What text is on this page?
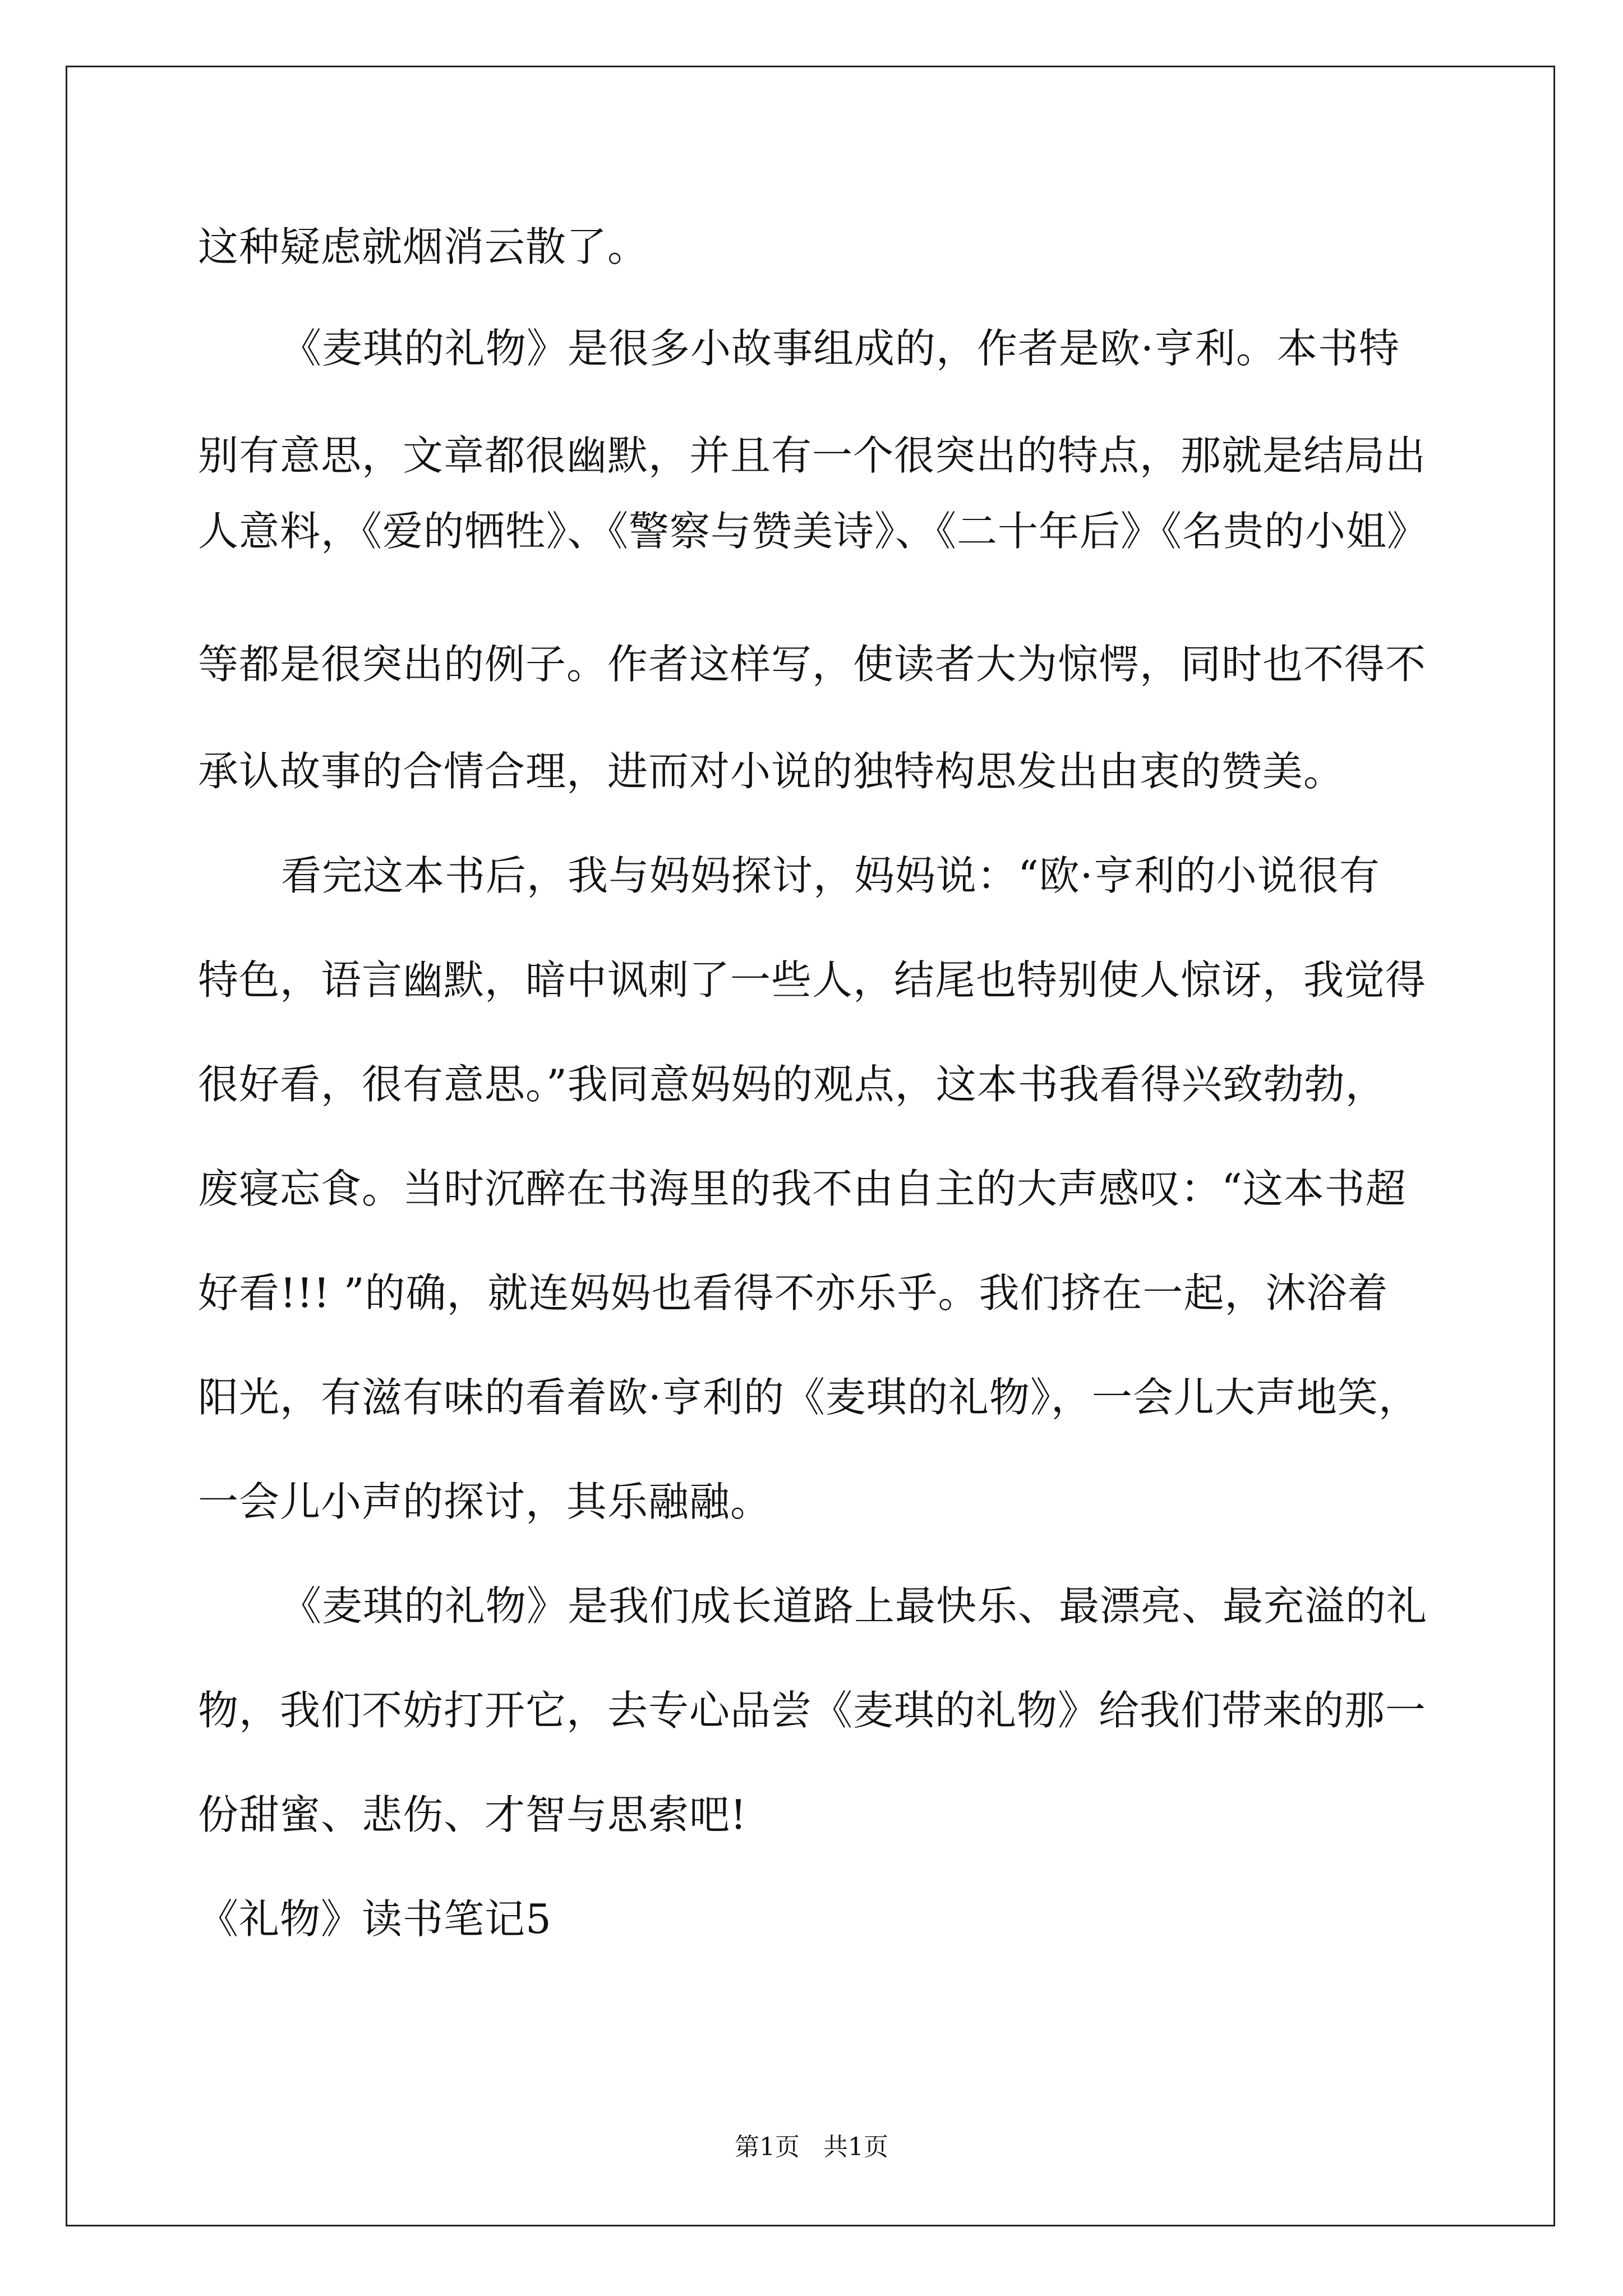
这种疑虑就烟消云散了。
《麦琪的礼物》是很多小故事组成的，作者是欧·亨利。本书特
别有意思，文章都很幽默，并且有一个很突出的特点，那就是结局出
人意料，《爱的牺牲》、《警察与赞美诗》、《二十年后》《名贵的小姐》
等都是很突出的例子。作者这样写，使读者大为惊愕，同时也不得不
承认故事的合情合理，进而对小说的独特构思发出由衷的赞美。
看完这本书后，我与妈妈探讨，妈妈说：“欧·亨利的小说很有
特色，语言幽默，暗中讽刺了一些人，结尾也特别使人惊讶，我觉得
很好看，很有意思。”我同意妈妈的观点，这本书我看得兴致勃勃，
废寝忘食。当时沉醉在书海里的我不由自主的大声感叹：“这本书超
好看!!! ”的确，就连妈妈也看得不亦乐乎。我们挤在一起，沐浴着
阳光，有滋有味的看着欧·亨利的《麦琪的礼物》，一会儿大声地笑，
一会儿小声的探讨，其乐融融。
《麦琪的礼物》是我们成长道路上最快乐、最漂亮、最充溢的礼
物，我们不妨打开它，去专心品尝《麦琪的礼物》给我们带来的那一
份甜蜜、悲伤、才智与思索吧!
《礼物》读书笔记5
第1页   共1页
